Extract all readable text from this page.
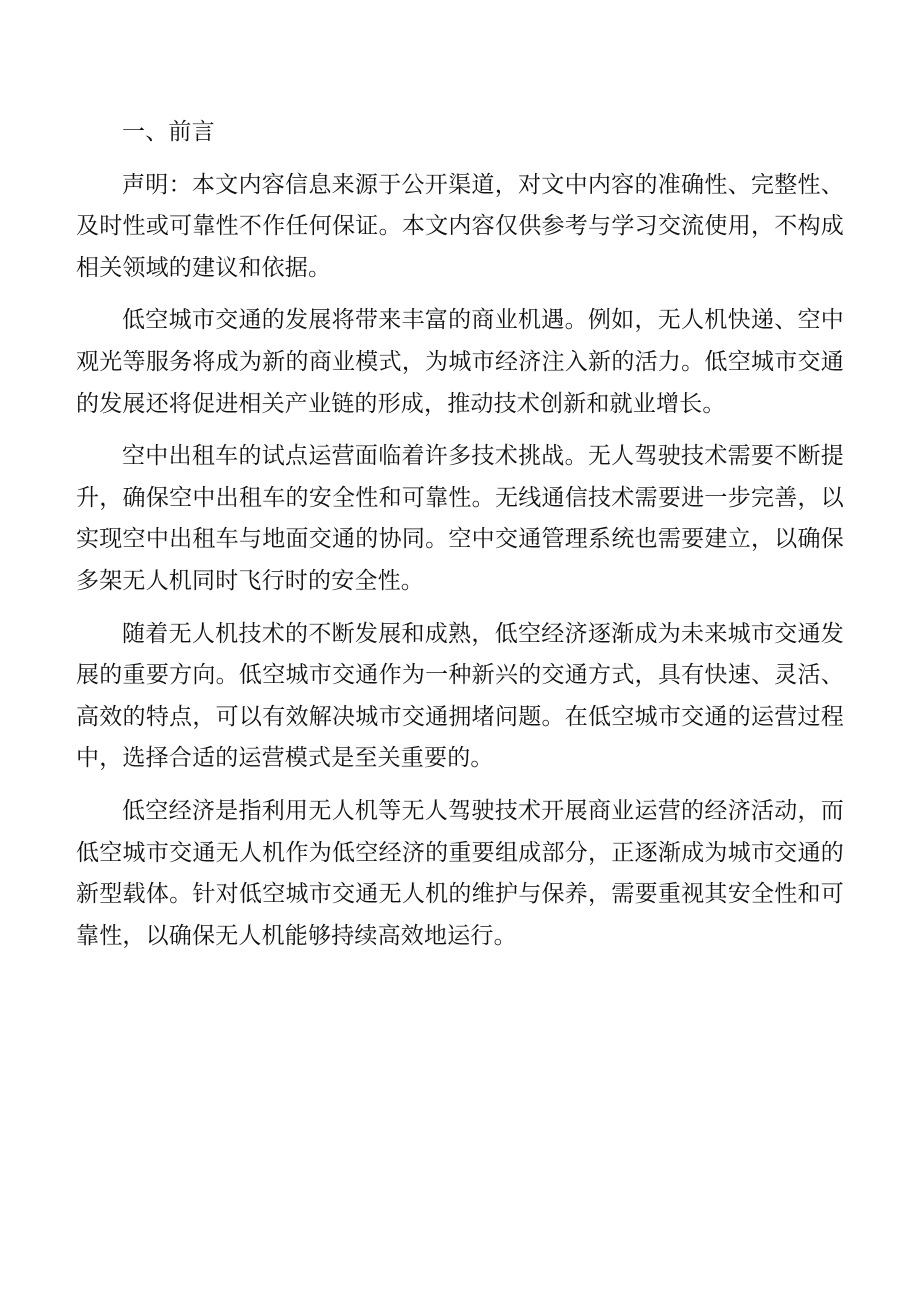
一、前言

声明：本文内容信息来源于公开渠道，对文中内容的准确性、完整性、及时性或可靠性不作任何保证。本文内容仅供参考与学习交流使用，不构成相关领域的建议和依据。

低空城市交通的发展将带来丰富的商业机遇。例如，无人机快递、空中观光等服务将成为新的商业模式，为城市经济注入新的活力。低空城市交通的发展还将促进相关产业链的形成，推动技术创新和就业增长。

空中出租车的试点运营面临着许多技术挑战。无人驾驶技术需要不断提升，确保空中出租车的安全性和可靠性。无线通信技术需要进一步完善，以实现空中出租车与地面交通的协同。空中交通管理系统也需要建立，以确保多架无人机同时飞行时的安全性。

随着无人机技术的不断发展和成熟，低空经济逐渐成为未来城市交通发展的重要方向。低空城市交通作为一种新兴的交通方式，具有快速、灵活、高效的特点，可以有效解决城市交通拥堵问题。在低空城市交通的运营过程中，选择合适的运营模式是至关重要的。

低空经济是指利用无人机等无人驾驶技术开展商业运营的经济活动，而低空城市交通无人机作为低空经济的重要组成部分，正逐渐成为城市交通的新型载体。针对低空城市交通无人机的维护与保养，需要重视其安全性和可靠性，以确保无人机能够持续高效地运行。
